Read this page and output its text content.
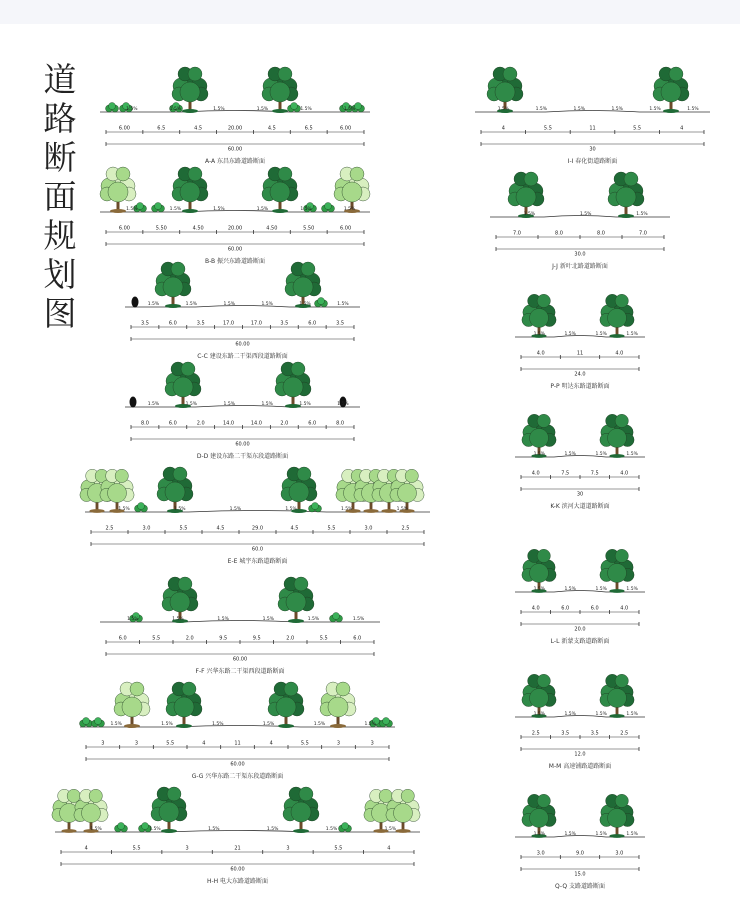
道
路
断
面
规
划
图
1.5%	1.5%	1.5%	1.5%	1.5%	1.5%
6.00	6.5	4.5	20.00	4.5	6.5	6.00
60.00
A-A 东昌东路道路断面
1.5%	1.5%	1.5%	1.5%	1.5%	1.5%
6.00	5.50	4.50	20.00	4.50	5.50	6.00
60.00
B-B 振兴东路道路断面
1.5%	1.5%	1.5%	1.5%	1.5%	1.5%
3.5	6.0	3.5	17.0	17.0	3.5	6.0	3.5
60.00
C-C 建设东路二干渠西段道路断面
1.5%	1.5%	1.5%	1.5%	1.5%	1.5%
8.0	6.0	2.0	14.0	14.0	2.0	6.0	8.0
60.00
D-D 建设东路二干渠东段道路断面
1.5%	1.5%	1.5%	1.5%	1.5%	1.5%
2.5	3.0	5.5	4.5	29.0	4.5	5.5	3.0	2.5
60.0
E-E 城宇东路道路断面
1.5%	1.5%	1.5%	1.5%	1.5%	1.5%
6.0	5.5	2.0	9.5	9.5	2.0	5.5	6.0
60.00
F-F 兴华东路二干渠西段道路断面
1.5%	1.5%	1.5%	1.5%	1.5%	1.5%
3	3	5.5	4	11	4	5.5	3	3
60.00
G-G 兴华东路二干渠东段道路断面
1.5%	1.5%	1.5%	1.5%	1.5%	1.5%
4	5.5	3	21	3	5.5	4
60.00
H-H 电大东路道路断面
1.5%	1.5%	1.5%	1.5%	1.5%	1.5%
4	5.5	11	5.5	4
30
I-I 春化街道路断面
1.5%	1.5%	1.5%
7.0	8.0	8.0	7.0
30.0
J-J 新叶北路道路断面
1.5%	1.5%	1.5%	1.5%
4.0	11	4.0
24.0
P-P 明达东路道路断面
1.5%	1.5%	1.5%	1.5%
4.0	7.5	7.5	4.0
30
K-K 滨河大道道路断面
1.5%	1.5%	1.5%	1.5%
4.0	6.0	6.0	4.0
20.0
L-L 新蒙支路道路断面
1.5%	1.5%	1.5%	1.5%
2.5	3.5	3.5	2.5
12.0
M-M 高速铺路道路断面
1.5%	1.5%	1.5%	1.5%
3.0	9.0	3.0
15.0
Q-Q 支路道路断面
